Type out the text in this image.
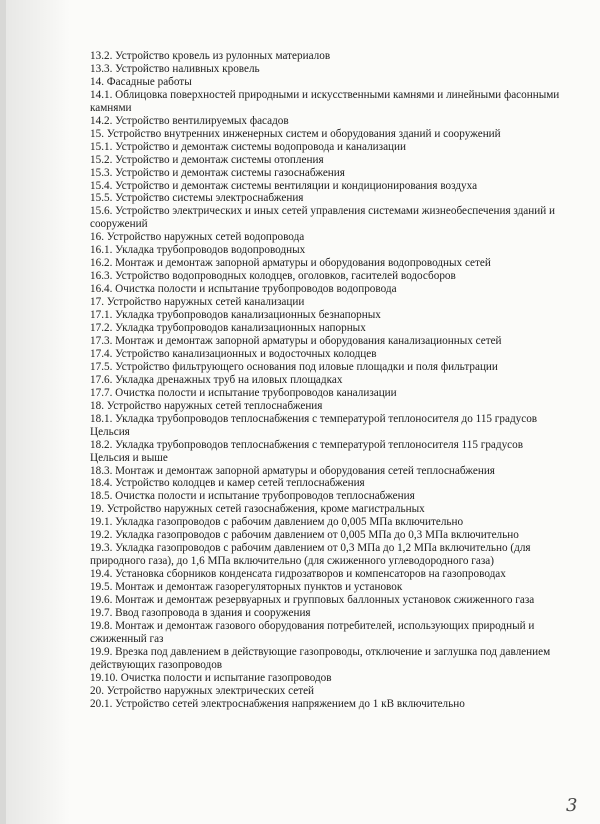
13.2. Устройство кровель из рулонных материалов
13.3. Устройство наливных кровель
14. Фасадные работы
14.1. Облицовка поверхностей природными и искусственными камнями и линейными фасонными камнями
14.2. Устройство вентилируемых фасадов
15. Устройство внутренних инженерных систем и оборудования зданий и сооружений
15.1. Устройство и демонтаж системы водопровода и канализации
15.2. Устройство и демонтаж системы отопления
15.3. Устройство и демонтаж системы газоснабжения
15.4. Устройство и демонтаж системы вентиляции и кондиционирования воздуха
15.5. Устройство системы электроснабжения
15.6. Устройство электрических и иных сетей управления системами жизнеобеспечения зданий и сооружений
16. Устройство наружных сетей водопровода
16.1. Укладка трубопроводов водопроводных
16.2. Монтаж и демонтаж запорной арматуры и оборудования водопроводных сетей
16.3. Устройство водопроводных колодцев, оголовков, гасителей водосборов
16.4. Очистка полости и испытание трубопроводов водопровода
17. Устройство наружных сетей канализации
17.1. Укладка трубопроводов канализационных безнапорных
17.2. Укладка трубопроводов канализационных напорных
17.3. Монтаж и демонтаж запорной арматуры и оборудования канализационных сетей
17.4. Устройство канализационных и водосточных колодцев
17.5. Устройство фильтрующего основания под иловые площадки и поля фильтрации
17.6. Укладка дренажных труб на иловых площадках
17.7. Очистка полости и испытание трубопроводов канализации
18. Устройство наружных сетей теплоснабжения
18.1. Укладка трубопроводов теплоснабжения с температурой теплоносителя до 115 градусов Цельсия
18.2. Укладка трубопроводов теплоснабжения с температурой теплоносителя 115 градусов Цельсия и выше
18.3. Монтаж и демонтаж запорной арматуры и оборудования сетей теплоснабжения
18.4. Устройство колодцев и камер сетей теплоснабжения
18.5. Очистка полости и испытание трубопроводов теплоснабжения
19. Устройство наружных сетей газоснабжения, кроме магистральных
19.1. Укладка газопроводов с рабочим давлением до 0,005 МПа включительно
19.2. Укладка газопроводов с рабочим давлением от 0,005 МПа до 0,3 МПа включительно
19.3. Укладка газопроводов с рабочим давлением от 0,3 МПа до 1,2 МПа включительно (для природного газа), до 1,6 МПа включительно (для сжиженного углеводородного газа)
19.4. Установка сборников конденсата гидрозатворов и компенсаторов на газопроводах
19.5. Монтаж и демонтаж газорегуляторных пунктов и установок
19.6. Монтаж и демонтаж резервуарных и групповых баллонных установок сжиженного газа
19.7. Ввод газопровода в здания и сооружения
19.8. Монтаж и демонтаж газового оборудования потребителей, использующих природный и сжиженный газ
19.9. Врезка под давлением в действующие газопроводы, отключение и заглушка под давлением действующих газопроводов
19.10. Очистка полости и испытание газопроводов
20. Устройство наружных электрических сетей
20.1. Устройство сетей электроснабжения напряжением до 1 кВ включительно
3
